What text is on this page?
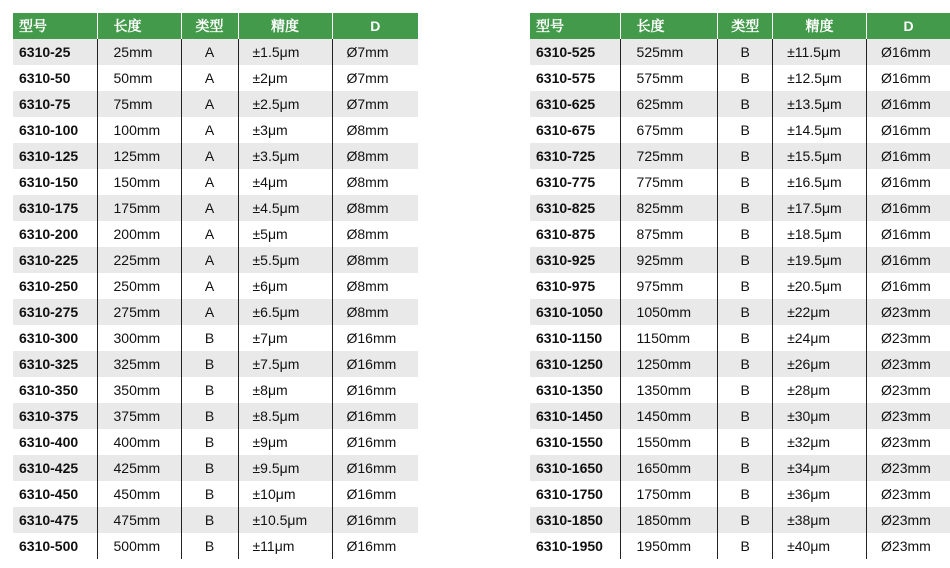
型号	长度	类型	精度	D
6310-25	25mm	A	±1.5μm	Ø7mm
6310-50	50mm	A	±2μm	Ø7mm
6310-75	75mm	A	±2.5μm	Ø7mm
6310-100	100mm	A	±3μm	Ø8mm
6310-125	125mm	A	±3.5μm	Ø8mm
6310-150	150mm	A	±4μm	Ø8mm
6310-175	175mm	A	±4.5μm	Ø8mm
6310-200	200mm	A	±5μm	Ø8mm
6310-225	225mm	A	±5.5μm	Ø8mm
6310-250	250mm	A	±6μm	Ø8mm
6310-275	275mm	A	±6.5μm	Ø8mm
6310-300	300mm	B	±7μm	Ø16mm
6310-325	325mm	B	±7.5μm	Ø16mm
6310-350	350mm	B	±8μm	Ø16mm
6310-375	375mm	B	±8.5μm	Ø16mm
6310-400	400mm	B	±9μm	Ø16mm
6310-425	425mm	B	±9.5μm	Ø16mm
6310-450	450mm	B	±10μm	Ø16mm
6310-475	475mm	B	±10.5μm	Ø16mm
6310-500	500mm	B	±11μm	Ø16mm
型号	长度	类型	精度	D
6310-525	525mm	B	±11.5μm	Ø16mm
6310-575	575mm	B	±12.5μm	Ø16mm
6310-625	625mm	B	±13.5μm	Ø16mm
6310-675	675mm	B	±14.5μm	Ø16mm
6310-725	725mm	B	±15.5μm	Ø16mm
6310-775	775mm	B	±16.5μm	Ø16mm
6310-825	825mm	B	±17.5μm	Ø16mm
6310-875	875mm	B	±18.5μm	Ø16mm
6310-925	925mm	B	±19.5μm	Ø16mm
6310-975	975mm	B	±20.5μm	Ø16mm
6310-1050	1050mm	B	±22μm	Ø23mm
6310-1150	1150mm	B	±24μm	Ø23mm
6310-1250	1250mm	B	±26μm	Ø23mm
6310-1350	1350mm	B	±28μm	Ø23mm
6310-1450	1450mm	B	±30μm	Ø23mm
6310-1550	1550mm	B	±32μm	Ø23mm
6310-1650	1650mm	B	±34μm	Ø23mm
6310-1750	1750mm	B	±36μm	Ø23mm
6310-1850	1850mm	B	±38μm	Ø23mm
6310-1950	1950mm	B	±40μm	Ø23mm
